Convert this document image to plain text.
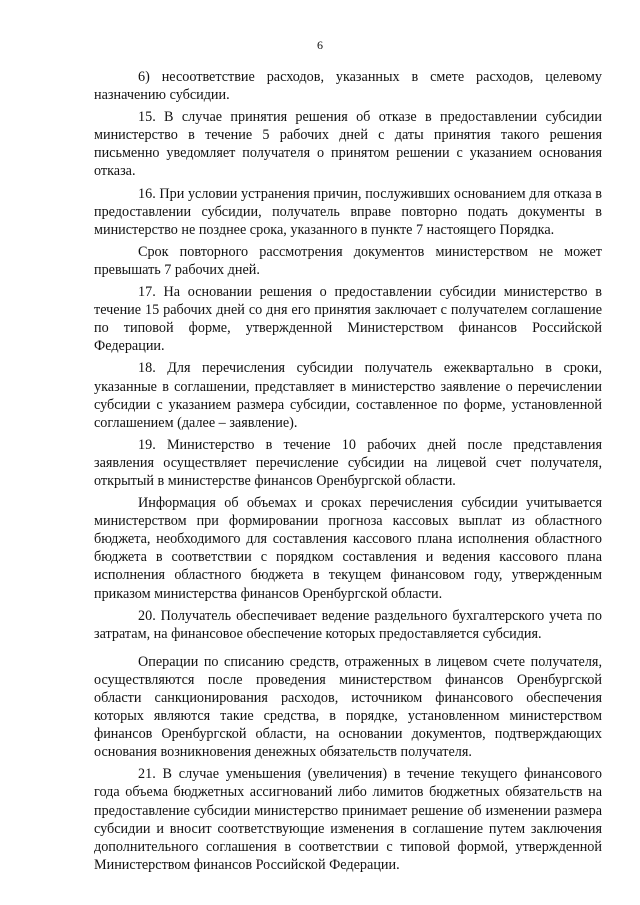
6

6) несоответствие расходов, указанных в смете расходов, целевому назначению субсидии.

15. В случае принятия решения об отказе в предоставлении субсидии министерство в течение 5 рабочих дней с даты принятия такого решения письменно уведомляет получателя о принятом решении с указанием основания отказа.

16. При условии устранения причин, послуживших основанием для отказа в предоставлении субсидии, получатель вправе повторно подать документы в министерство не позднее срока, указанного в пункте 7 настоящего Порядка.

Срок повторного рассмотрения документов министерством не может превышать 7 рабочих дней.

17. На основании решения о предоставлении субсидии министерство в течение 15 рабочих дней со дня его принятия заключает с получателем соглашение по типовой форме, утвержденной Министерством финансов Российской Федерации.

18. Для перечисления субсидии получатель ежеквартально в сроки, указанные в соглашении, представляет в министерство заявление о перечислении субсидии с указанием размера субсидии, составленное по форме, установленной соглашением (далее – заявление).

19. Министерство в течение 10 рабочих дней после представления заявления осуществляет перечисление субсидии на лицевой счет получателя, открытый в министерстве финансов Оренбургской области.

Информация об объемах и сроках перечисления субсидии учитывается министерством при формировании прогноза кассовых выплат из областного бюджета, необходимого для составления кассового плана исполнения областного бюджета в соответствии с порядком составления и ведения кассового плана исполнения областного бюджета в текущем финансовом году, утвержденным приказом министерства финансов Оренбургской области.

20. Получатель обеспечивает ведение раздельного бухгалтерского учета по затратам, на финансовое обеспечение которых предоставляется субсидия.

Операции по списанию средств, отраженных в лицевом счете получателя, осуществляются после проведения министерством финансов Оренбургской области санкционирования расходов, источником финансового обеспечения которых являются такие средства, в порядке, установленном министерством финансов Оренбургской области, на основании документов, подтверждающих основания возникновения денежных обязательств получателя.

21. В случае уменьшения (увеличения) в течение текущего финансового года объема бюджетных ассигнований либо лимитов бюджетных обязательств на предоставление субсидии министерство принимает решение об изменении размера субсидии и вносит соответствующие изменения в соглашение путем заключения дополнительного соглашения в соответствии с типовой формой, утвержденной Министерством финансов Российской Федерации.
